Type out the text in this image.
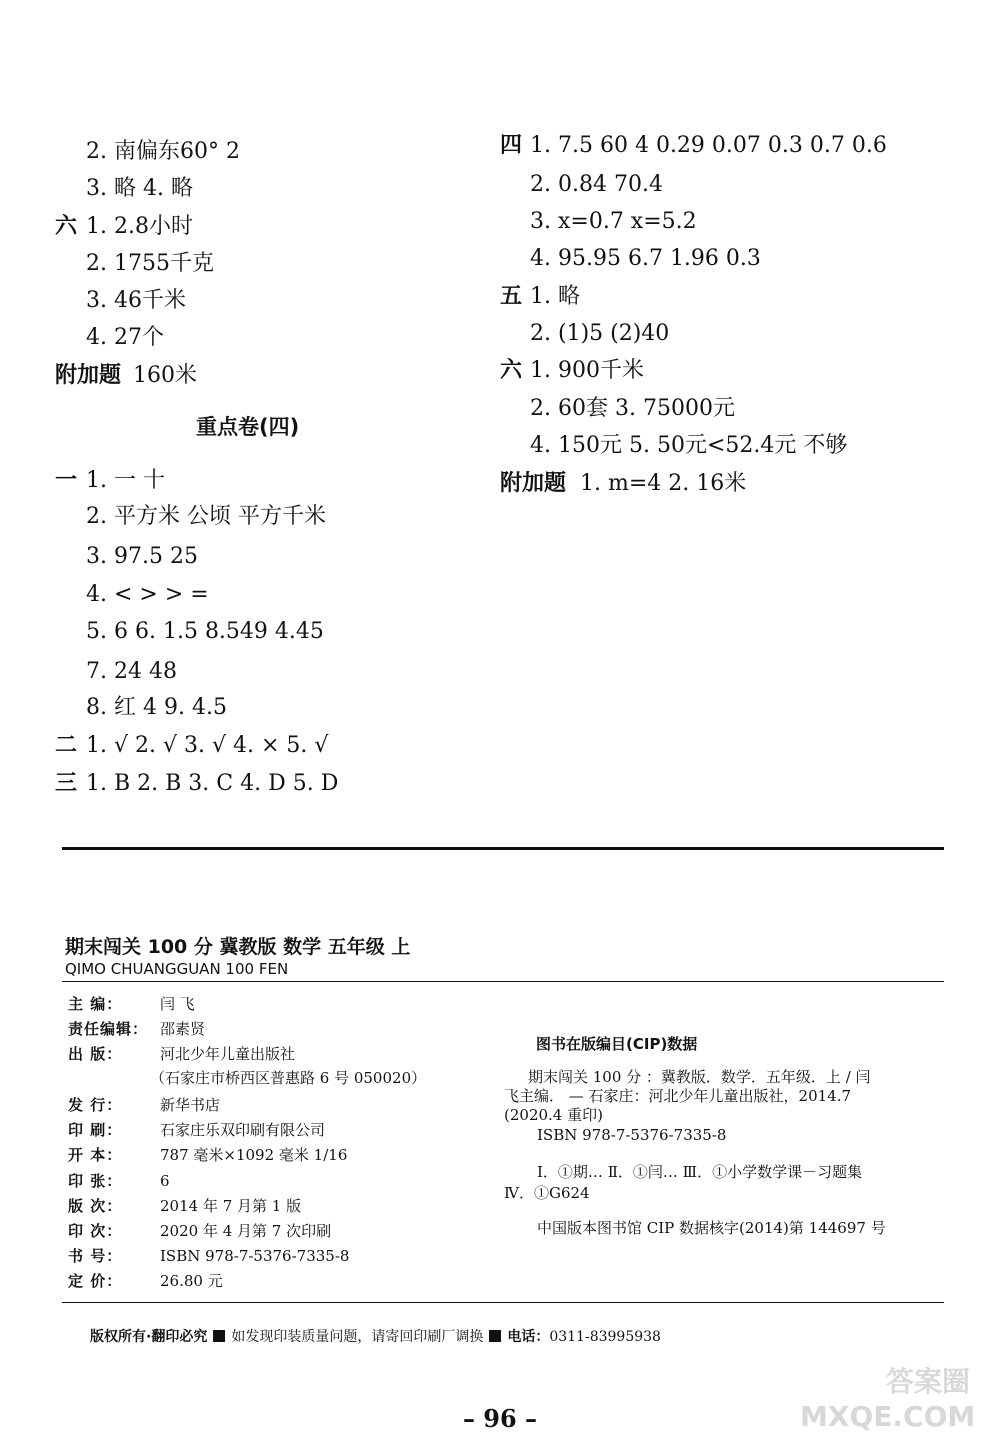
2. 南偏东60° 2
3. 略 4. 略
六 1. 2.8小时
2. 1755千克
3. 46千米
4. 27个
附加题 160米
重点卷(四)
一 1. 一 十
2. 平方米 公顷 平方千米
3. 97.5 25
4. < > > =
5. 6 6. 1.5 8.549 4.45
7. 24 48
8. 红 4 9. 4.5
二 1. √ 2. √ 3. √ 4. × 5. √
三 1. B 2. B 3. C 4. D 5. D
四 1. 7.5 60 4 0.29 0.07 0.3 0.7 0.6
2. 0.84 70.4
3. x=0.7 x=5.2
4. 95.95 6.7 1.96 0.3
五 1. 略
2. (1)5 (2)40
六 1. 900千米
2. 60套 3. 75000元
4. 150元 5. 50元<52.4元 不够
附加题 1. m=4 2. 16米
期末闯关 100 分 冀教版 数学 五年级 上
QIMO CHUANGGUAN 100 FEN
主 编：	闫 飞
责任编辑： 邵素贤
出 版：	河北少年儿童出版社
（石家庄市桥西区普惠路 6 号 050020）
发 行：	新华书店
印 刷：	石家庄乐双印刷有限公司
开 本：	787 毫米×1092 毫米 1/16
印 张：	6
版 次：	2014 年 7 月第 1 版
印 次：	2020 年 4 月第 7 次印刷
书 号：	ISBN 978-7-5376-7335-8
定 价：	26.80 元
图书在版编目(CIP)数据
期末闯关 100 分 ：冀教版．数学．五年级．上 / 闫
飞主编． — 石家庄：河北少年儿童出版社，2014.7
(2020.4 重印)
ISBN 978-7-5376-7335-8
Ⅰ．①期… Ⅱ．①闫… Ⅲ．①小学数学课－习题集
Ⅳ．①G624
中国版本图书馆 CIP 数据核字(2014)第 144697 号
版权所有·翻印必究 如发现印装质量问题，请寄回印刷厂调换 电话：0311-83995938
答案圈 MXQE.COM
– 96 –
